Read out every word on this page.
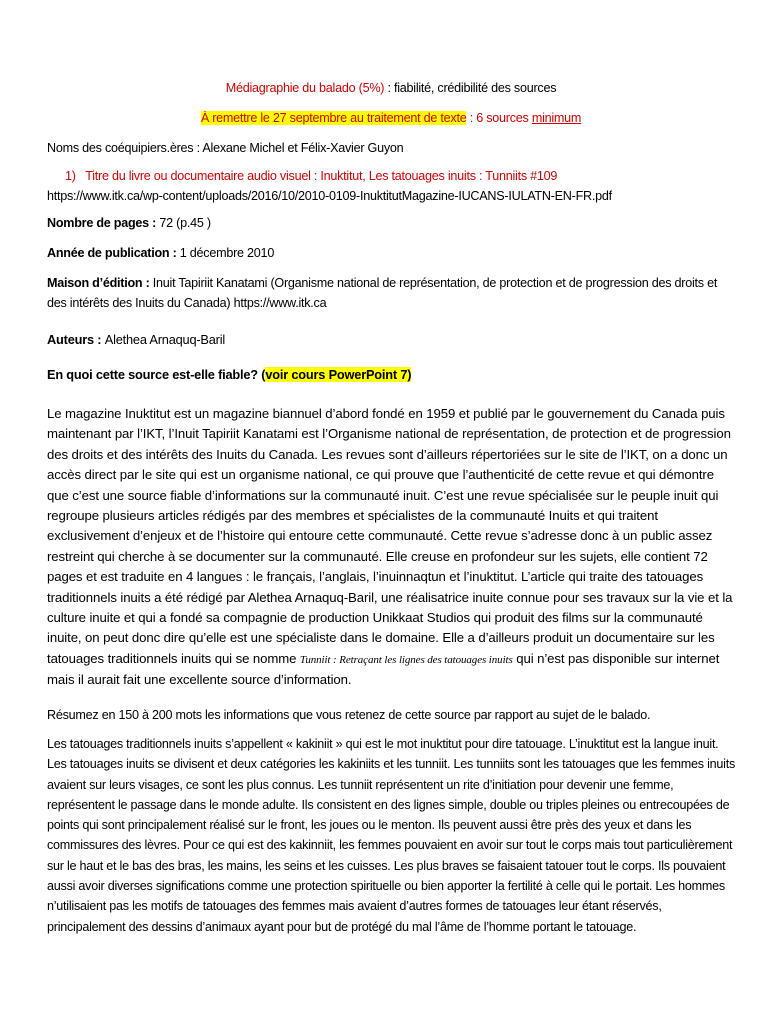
Médiagraphie du balado (5%) : fiabilité, crédibilité des sources

À remettre le 27 septembre au traitement de texte : 6 sources minimum

Noms des coéquipiers.ères : Alexane Michel et Félix-Xavier Guyon

1) Titre du livre ou documentaire audio visuel : Inuktitut, Les tatouages inuits : Tunniits #109

https://www.itk.ca/wp-content/uploads/2016/10/2010-0109-InuktitutMagazine-IUCANS-IULATN-EN-FR.pdf

Nombre de pages : 72 (p.45 )

Année de publication : 1 décembre 2010

Maison d’édition : Inuit Tapiriit Kanatami (Organisme national de représentation, de protection et de progression des droits et des intérêts des Inuits du Canada) https://www.itk.ca

Auteurs : Alethea Arnaquq-Baril

En quoi cette source est-elle fiable? (voir cours PowerPoint 7)

Le magazine Inuktitut est un magazine biannuel d’abord fondé en 1959 et publié par le gouvernement du Canada puis maintenant par l’IKT, l’Inuit Tapiriit Kanatami est l’Organisme national de représentation, de protection et de progression des droits et des intérêts des Inuits du Canada. Les revues sont d’ailleurs répertoriées sur le site de l’IKT, on a donc un accès direct par le site qui est un organisme national, ce qui prouve que l’authenticité de cette revue et qui démontre que c’est une source fiable d’informations sur la communauté inuit. C’est une revue spécialisée sur le peuple inuit qui regroupe plusieurs articles rédigés par des membres et spécialistes de la communauté Inuits et qui traitent exclusivement d’enjeux et de l’histoire qui entoure cette communauté. Cette revue s’adresse donc à un public assez restreint qui cherche à se documenter sur la communauté. Elle creuse en profondeur sur les sujets, elle contient 72 pages et est traduite en 4 langues : le français, l’anglais, l’inuinnaqtun et l’inuktitut. L’article qui traite des tatouages traditionnels inuits a été rédigé par Alethea Arnaquq-Baril, une réalisatrice inuite connue pour ses travaux sur la vie et la culture inuite et qui a fondé sa compagnie de production Unikkaat Studios qui produit des films sur la communauté inuite, on peut donc dire qu’elle est une spécialiste dans le domaine. Elle a d’ailleurs produit un documentaire sur les tatouages traditionnels inuits qui se nomme Tunniit : Retraçant les lignes des tatouages inuits qui n’est pas disponible sur internet mais il aurait fait une excellente source d’information.

Résumez en 150 à 200 mots les informations que vous retenez de cette source par rapport au sujet de le balado.

Les tatouages traditionnels inuits s’appellent « kakiniit » qui est le mot inuktitut pour dire tatouage. L’inuktitut est la langue inuit. Les tatouages inuits se divisent et deux catégories les kakiniits et les tunniit. Les tunniits sont les tatouages que les femmes inuits avaient sur leurs visages, ce sont les plus connus. Les tunniit représentent un rite d’initiation pour devenir une femme, représentent le passage dans le monde adulte. Ils consistent en des lignes simple, double ou triples pleines ou entrecoupées de points qui sont principalement réalisé sur le front, les joues ou le menton. Ils peuvent aussi être près des yeux et dans les commissures des lèvres. Pour ce qui est des kakinniit, les femmes pouvaient en avoir sur tout le corps mais tout particulièrement sur le haut et le bas des bras, les mains, les seins et les cuisses. Les plus braves se faisaient tatouer tout le corps. Ils pouvaient aussi avoir diverses significations comme une protection spirituelle ou bien apporter la fertilité à celle qui le portait. Les hommes n’utilisaient pas les motifs de tatouages des femmes mais avaient d’autres formes de tatouages leur étant réservés, principalement des dessins d’animaux ayant pour but de protégé du mal l’âme de l’homme portant le tatouage.
